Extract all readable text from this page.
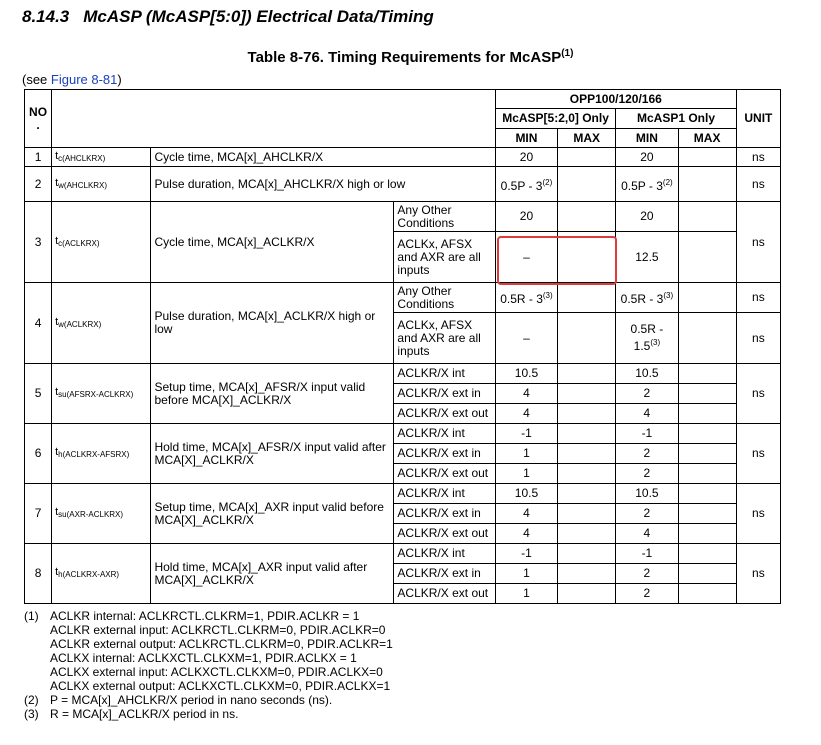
8.14.3 McASP (McASP[5:0]) Electrical Data/Timing
Table 8-76. Timing Requirements for McASP$^{(1)}$
(see Figure 8-81)
NO
.				OPP100/120/166				UNIT
				McASP[5:2,0] Only		McASP1 Only		
				MIN	MAX	MIN	MAX	
1	$t_{c(AHCLKRX)}$	Cycle time, MCA[x]_AHCLKR/X		20		20		ns
2	$t_{w(AHCLKRX)}$	Pulse duration, MCA[x]_AHCLKR/X high or low		0.5P - 3$^{(2)}$		0.5P - 3$^{(2)}$		ns
3	$t_{c(ACLKRX)}$	Cycle time, MCA[x]_ACLKR/X	Any Other Conditions	20		20		ns
			ACLKx, AFSX and AXR are all inputs	–		12.5		
4	$t_{w(ACLKRX)}$	Pulse duration, MCA[x]_ACLKR/X high or low	Any Other Conditions	0.5R - 3$^{(3)}$		0.5R - 3$^{(3)}$		ns
			ACLKx, AFSX and AXR are all inputs	–		0.5R - 1.5$^{(3)}$		ns
5	$t_{su(AFSRX-ACLKRX)}$	Setup time, MCA[x]_AFSR/X input valid before MCA[X]_ACLKR/X	ACLKR/X int	10.5		10.5		ns
			ACLKR/X ext in	4		2		
			ACLKR/X ext out	4		4		
6	$t_{h(ACLKRX-AFSRX)}$	Hold time, MCA[x]_AFSR/X input valid after MCA[X]_ACLKR/X	ACLKR/X int	-1		-1		ns
			ACLKR/X ext in	1		2		
			ACLKR/X ext out	1		2		
7	$t_{su(AXR-ACLKRX)}$	Setup time, MCA[x]_AXR input valid before MCA[X]_ACLKR/X	ACLKR/X int	10.5		10.5		ns
			ACLKR/X ext in	4		2		
			ACLKR/X ext out	4		4		
8	$t_{h(ACLKRX-AXR)}$	Hold time, MCA[x]_AXR input valid after MCA[X]_ACLKR/X	ACLKR/X int	-1		-1		ns
			ACLKR/X ext in	1		2		
			ACLKR/X ext out	1		2		
(1) ACLKR internal: ACLKRCTL.CLKRM=1, PDIR.ACLKR = 1
ACLKR external input: ACLKRCTL.CLKRM=0, PDIR.ACLKR=0
ACLKR external output: ACLKRCTL.CLKRM=0, PDIR.ACLKR=1
ACLKX internal: ACLKXCTL.CLKXM=1, PDIR.ACLKX = 1
ACLKX external input: ACLKXCTL.CLKXM=0, PDIR.ACLKX=0
ACLKX external output: ACLKXCTL.CLKXM=0, PDIR.ACLKX=1
(2) P = MCA[x]_AHCLKR/X period in nano seconds (ns).
(3) R = MCA[x]_ACLKR/X period in ns.
